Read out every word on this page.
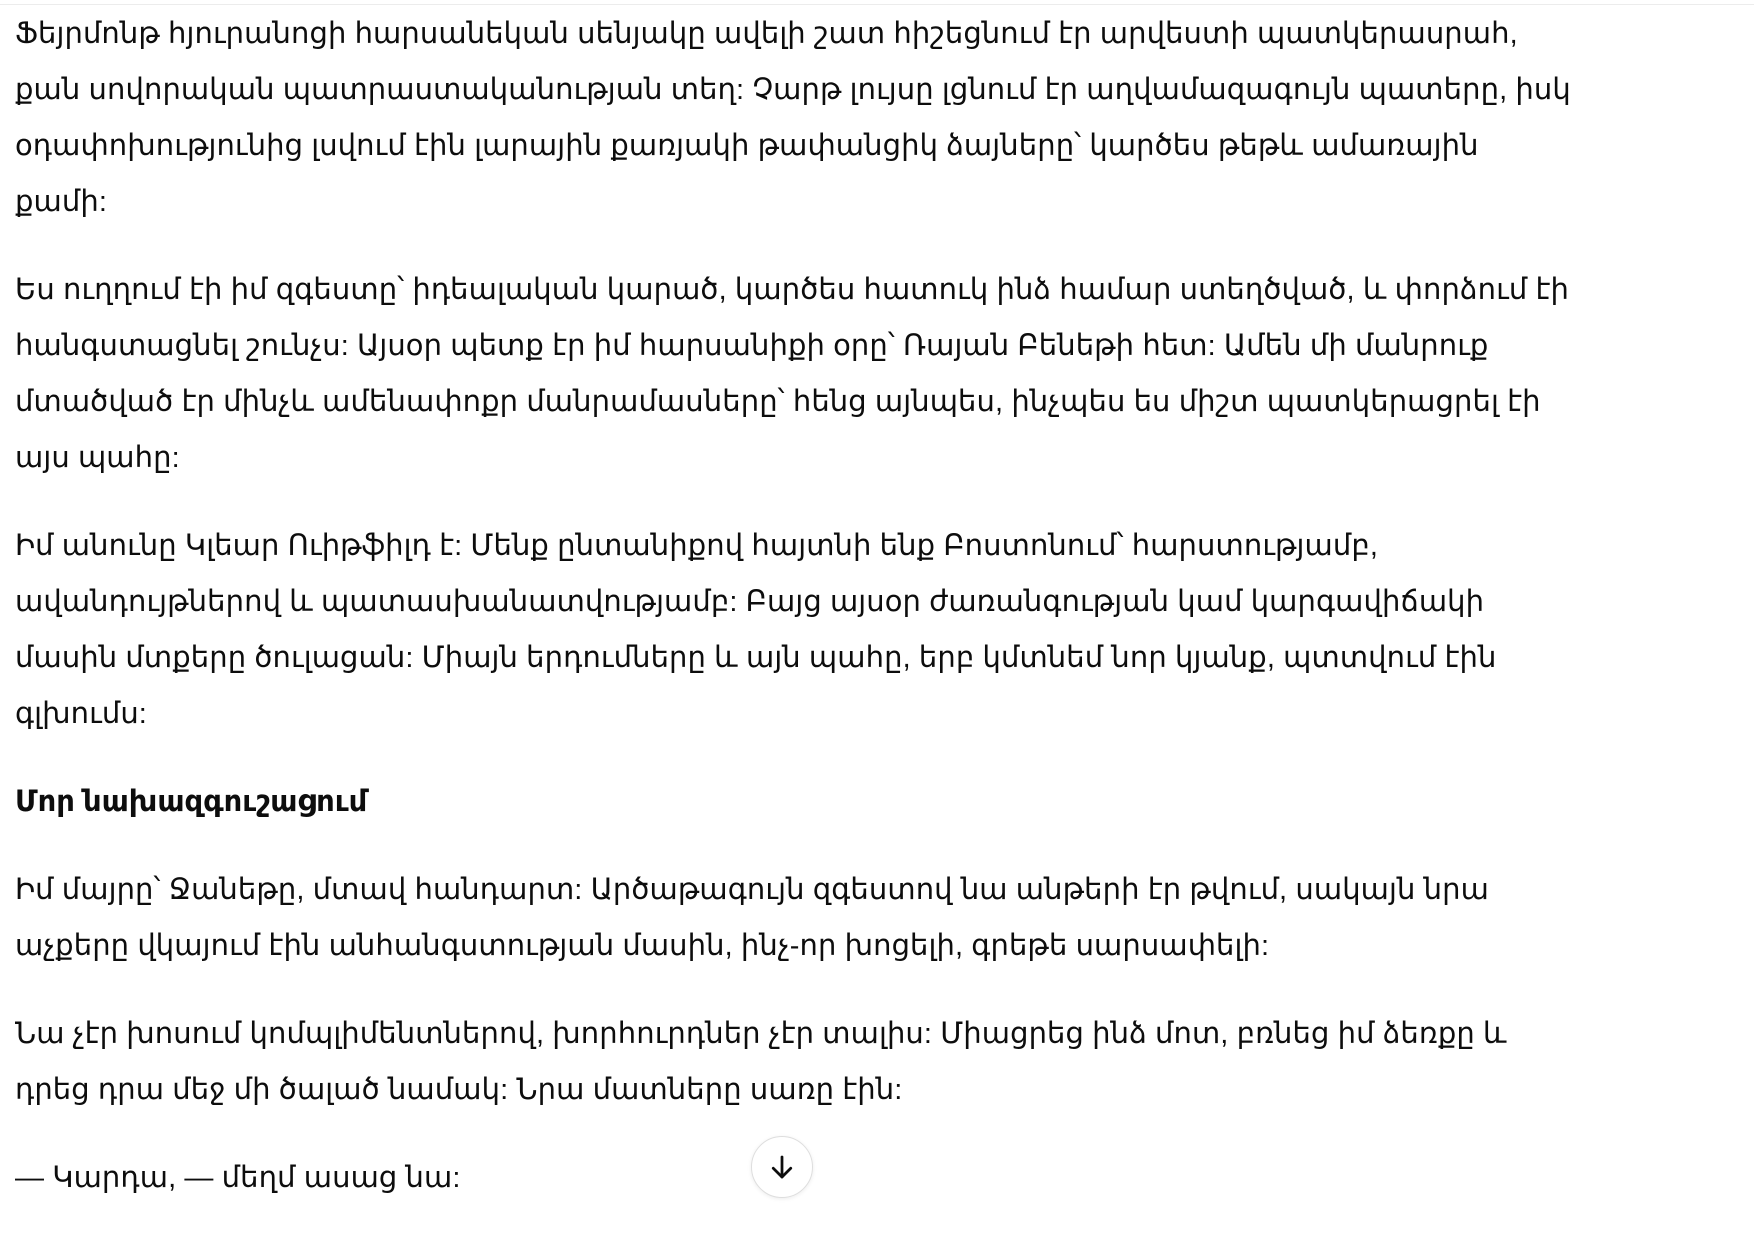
Ֆեյրմոնթ հյուրանոցի հարսանեկան սենյակը ավելի շատ հիշեցնում էր արվեստի պատկերասրահ, քան սովորական պատրաստականության տեղ: Չարթ լույսը լցնում էր աղվամազագույն պատերը, իսկ օդափոխությունից լսվում էին լարային քառյակի թափանցիկ ձայները՝ կարծես թեթև ամառային քամի:

Ես ուղղում էի իմ զգեստը՝ իդեալական կարած, կարծես հատուկ ինձ համար ստեղծված, և փորձում էի հանգստացնել շունչս: Այսօր պետք էր իմ հարսանիքի օրը՝ Ռայան Բենեթի հետ: Ամեն մի մանրուք մտածված էր մինչև ամենափոքր մանրամասները՝ հենց այնպես, ինչպես ես միշտ պատկերացրել էի այս պահը:

Իմ անունը Կլեար Ուիթֆիլդ է: Մենք ընտանիքով հայտնի ենք Բոստոնում՝ հարստությամբ, ավանդույթներով և պատասխանատվությամբ: Բայց այսօր ժառանգության կամ կարգավիճակի մասին մտքերը ծուլացան: Միայն երդումները և այն պահը, երբ կմտնեմ նոր կյանք, պտտվում էին գլխումս:

Մոր նախազգուշացում

Իմ մայրը՝ Ջանեթը, մտավ հանդարտ: Արծաթագույն զգեստով նա անթերի էր թվում, սակայն նրա աչքերը վկայում էին անհանգստության մասին, ինչ-որ խոցելի, գրեթե սարսափելի:

Նա չէր խոսում կոմպլիմենտներով, խորհուրդներ չէր տալիս: Միացրեց ինձ մոտ, բռնեց իմ ձեռքը և դրեց դրա մեջ մի ծալած նամակ: Նրա մատները սառը էին:

— Կարդա, — մեղմ ասաց նա:
